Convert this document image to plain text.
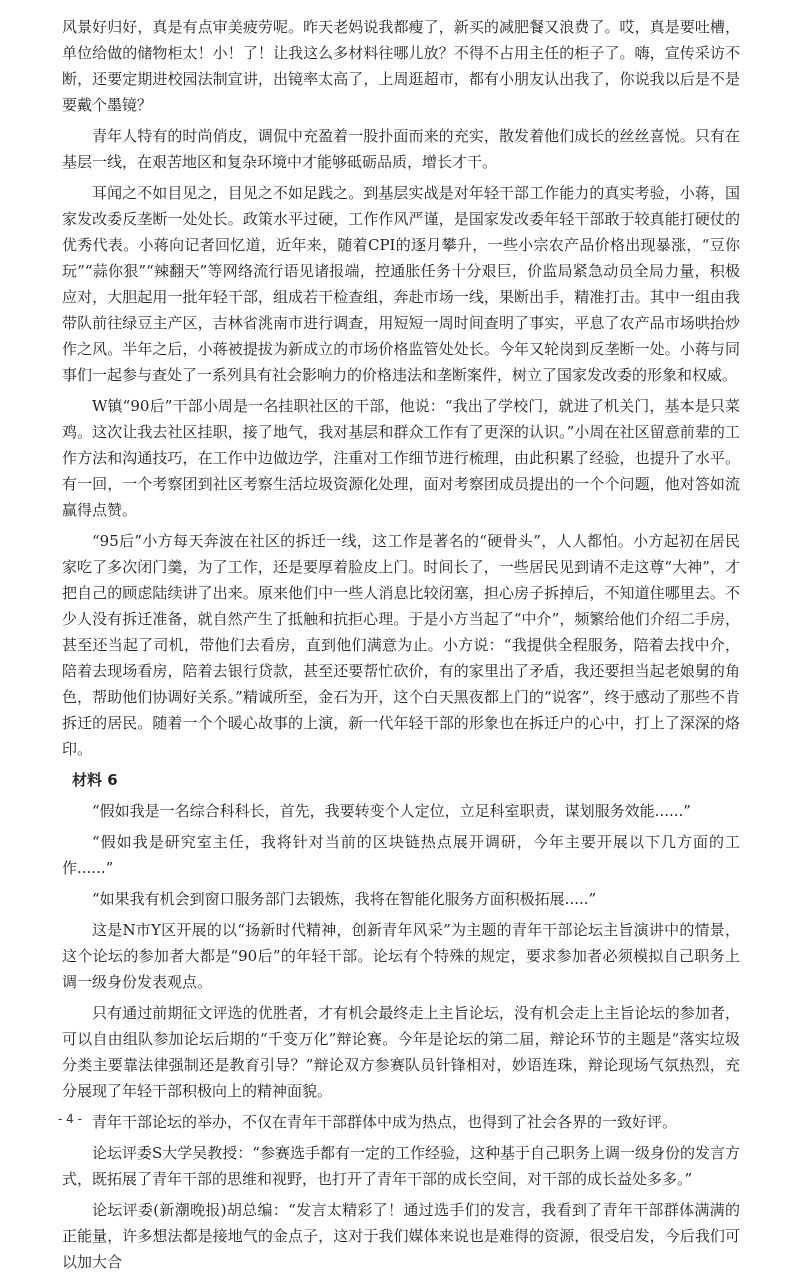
风景好归好，真是有点审美疲劳呢。昨天老妈说我都瘦了，新买的减肥餐又浪费了。哎，真是要吐槽，单位给做的储物柜太！小！了！让我这么多材料往哪儿放？不得不占用主任的柜子了。嗨，宣传采访不断，还要定期进校园法制宣讲，出镜率太高了，上周逛超市，都有小朋友认出我了，你说我以后是不是要戴个墨镜？

青年人特有的时尚俏皮，调侃中充盈着一股扑面而来的充实，散发着他们成长的丝丝喜悦。只有在基层一线，在艰苦地区和复杂环境中才能够砥砺品质，增长才干。

耳闻之不如目见之，目见之不如足践之。到基层实战是对年轻干部工作能力的真实考验，小蒋，国家发改委反垄断一处处长。政策水平过硬，工作作风严谨，是国家发改委年轻干部敢于较真能打硬仗的优秀代表。小蒋向记者回忆道，近年来，随着CPI的逐月攀升，一些小宗农产品价格出现暴涨，“豆你玩”“蒜你狠”“辣翻天”等网络流行语见诸报端，控通胀任务十分艰巨，价监局紧急动员全局力量，积极应对，大胆起用一批年轻干部，组成若干检查组，奔赴市场一线，果断出手，精准打击。其中一组由我带队前往绿豆主产区，吉林省洮南市进行调查，用短短一周时间查明了事实，平息了农产品市场哄抬炒作之风。半年之后，小蒋被提拔为新成立的市场价格监管处处长。今年又轮岗到反垄断一处。小蒋与同事们一起参与查处了一系列具有社会影响力的价格违法和垄断案件，树立了国家发改委的形象和权威。

W镇“90后”干部小周是一名挂职社区的干部，他说：“我出了学校门，就进了机关门，基本是只菜鸡。这次让我去社区挂职，接了地气，我对基层和群众工作有了更深的认识。”小周在社区留意前辈的工作方法和沟通技巧，在工作中边做边学，注重对工作细节进行梳理，由此积累了经验，也提升了水平。有一回，一个考察团到社区考察生活垃圾资源化处理，面对考察团成员提出的一个个问题，他对答如流赢得点赞。

“95后”小方每天奔波在社区的拆迁一线，这工作是著名的“硬骨头”，人人都怕。小方起初在居民家吃了多次闭门羹，为了工作，还是要厚着脸皮上门。时间长了，一些居民见到请不走这尊“大神”，才把自己的顾虑陆续讲了出来。原来他们中一些人消息比较闭塞，担心房子拆掉后，不知道住哪里去。不少人没有拆迁准备，就自然产生了抵触和抗拒心理。于是小方当起了“中介”，频繁给他们介绍二手房，甚至还当起了司机，带他们去看房，直到他们满意为止。小方说：“我提供全程服务，陪着去找中介，陪着去现场看房，陪着去银行贷款，甚至还要帮忙砍价，有的家里出了矛盾，我还要担当起老娘舅的角色，帮助他们协调好关系。”精诚所至，金石为开，这个白天黑夜都上门的“说客”，终于感动了那些不肯拆迁的居民。随着一个个暖心故事的上演，新一代年轻干部的形象也在拆迁户的心中，打上了深深的烙印。

材料 6

“假如我是一名综合科科长，首先，我要转变个人定位，立足科室职责，谋划服务效能......”

“假如我是研究室主任，我将针对当前的区块链热点展开调研，今年主要开展以下几方面的工作......”

“如果我有机会到窗口服务部门去锻炼，我将在智能化服务方面积极拓展.....”

这是N市Y区开展的以“扬新时代精神，创新青年风采”为主题的青年干部论坛主旨演讲中的情景，这个论坛的参加者大都是“90后”的年轻干部。论坛有个特殊的规定，要求参加者必须模拟自己职务上调一级身份发表观点。

只有通过前期征文评选的优胜者，才有机会最终走上主旨论坛，没有机会走上主旨论坛的参加者，可以自由组队参加论坛后期的“千变万化”辩论赛。今年是论坛的第二届，辩论环节的主题是“落实垃圾分类主要靠法律强制还是教育引导？”辩论双方参赛队员针锋相对，妙语连珠，辩论现场气氛热烈，充分展现了年轻干部积极向上的精神面貌。

青年干部论坛的举办，不仅在青年干部群体中成为热点，也得到了社会各界的一致好评。

论坛评委S大学吴教授：“参赛选手都有一定的工作经验，这种基于自己职务上调一级身份的发言方式，既拓展了青年干部的思维和视野，也打开了青年干部的成长空间，对干部的成长益处多多。”

论坛评委(新潮晚报)胡总编：“发言太精彩了！通过选手们的发言，我看到了青年干部群体满满的正能量，许多想法都是接地气的金点子，这对于我们媒体来说也是难得的资源，很受启发，今后我们可以加大合

- 4 -
